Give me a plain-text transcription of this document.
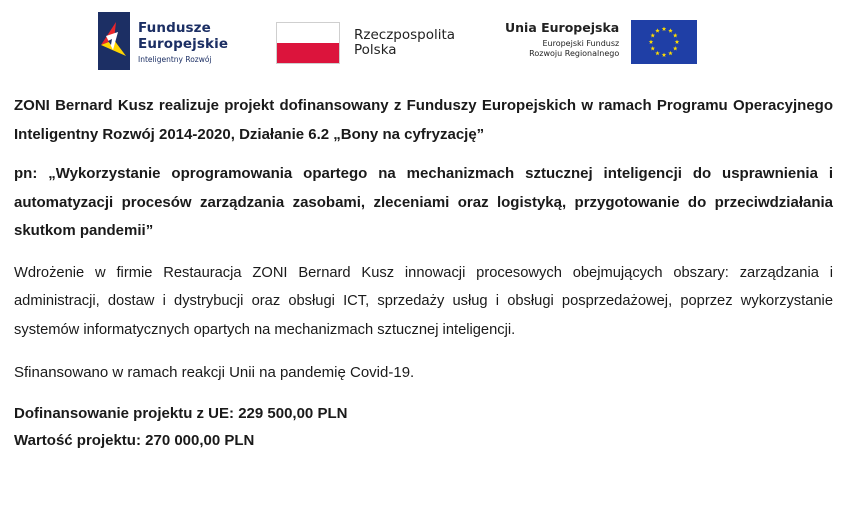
Fundusze
Europejskie
Inteligentny Rozwój
Rzeczpospolita
Polska
Unia Europejska
Europejski Fundusz
Rozwoju Regionalnego

ZONI Bernard Kusz realizuje projekt dofinansowany z Funduszy Europejskich w ramach Programu Operacyjnego Inteligentny Rozwój 2014-2020, Działanie 6.2 „Bony na cyfryzację”

pn: „Wykorzystanie oprogramowania opartego na mechanizmach sztucznej inteligencji do usprawnienia i automatyzacji procesów zarządzania zasobami, zleceniami oraz logistyką, przygotowanie do przeciwdziałania skutkom pandemii”

Wdrożenie w firmie Restauracja ZONI Bernard Kusz innowacji procesowych obejmujących obszary: zarządzania i administracji, dostaw i dystrybucji oraz obsługi ICT, sprzedaży usług i obsługi posprzedażowej, poprzez wykorzystanie systemów informatycznych opartych na mechanizmach sztucznej inteligencji.

Sfinansowano w ramach reakcji Unii na pandemię Covid-19.

Dofinansowanie projektu z UE: 229 500,00 PLN

Wartość projektu: 270 000,00 PLN
